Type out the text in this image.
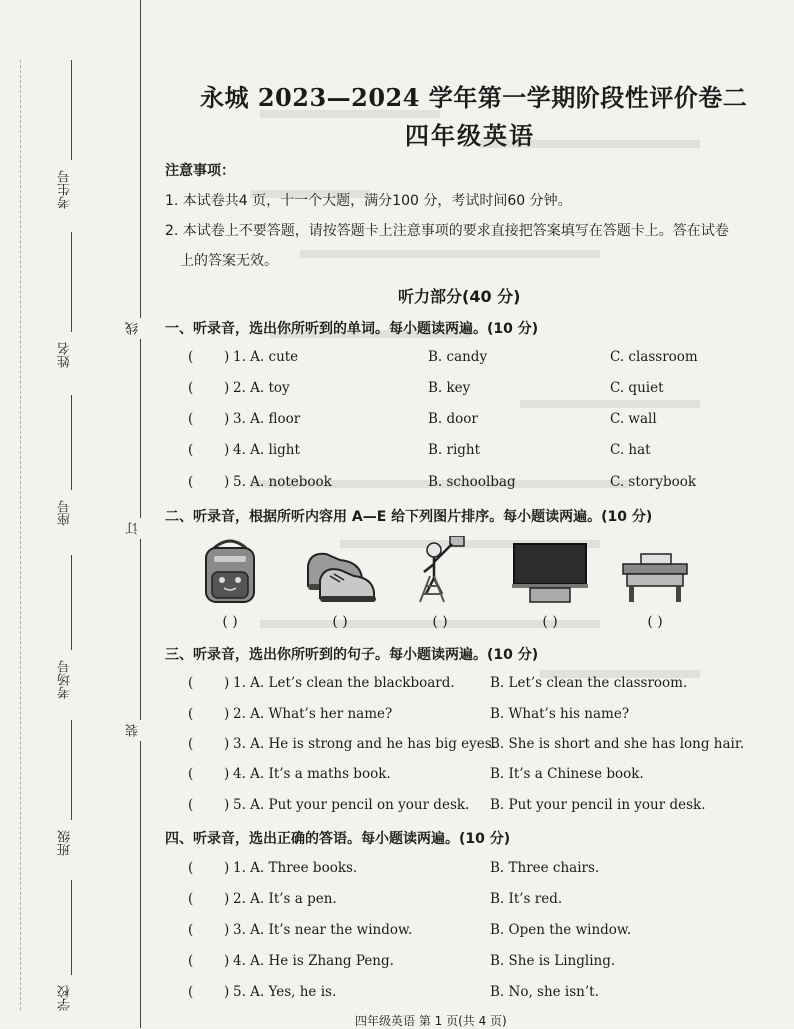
考生号
姓名
座号
考场号
班级
学校
线
订
装
永城 2023—2024 学年第一学期阶段性评价卷二
四年级英语
注意事项：
1. 本试卷共4 页，十一个大题，满分100 分，考试时间60 分钟。
2. 本试卷上不要答题，请按答题卡上注意事项的要求直接把答案填写在答题卡上。答在试卷
上的答案无效。
听力部分(40 分)
一、听录音，选出你所听到的单词。每小题读两遍。(10 分)
( ) 1. A. cute	B. candy	C. classroom
( ) 2. A. toy	B. key	C. quiet
( ) 3. A. floor	B. door	C. wall
( ) 4. A. light	B. right	C. hat
( ) 5. A. notebook	B. schoolbag	C. storybook
二、听录音，根据所听内容用 A—E 给下列图片排序。每小题读两遍。(10 分)
( )	( )	( )	( )	( )
三、听录音，选出你所听到的句子。每小题读两遍。(10 分)
( ) 1. A. Let’s clean the blackboard.	B. Let’s clean the classroom.
( ) 2. A. What’s her name?	B. What’s his name?
( ) 3. A. He is strong and he has big eyes.
B. She is short and she has long hair.
( ) 4. A. It’s a maths book.	B. It’s a Chinese book.
( ) 5. A. Put your pencil on your desk. B. Put your pencil in your desk.
四、听录音，选出正确的答语。每小题读两遍。(10 分)
( ) 1. A. Three books.	B. Three chairs.
( ) 2. A. It’s a pen.	B. It’s red.
( ) 3. A. It’s near the window.	B. Open the window.
( ) 4. A. He is Zhang Peng.	B. She is Lingling.
( ) 5. A. Yes, he is.	B. No, she isn’t.
四年级英语 第 1 页(共 4 页)
